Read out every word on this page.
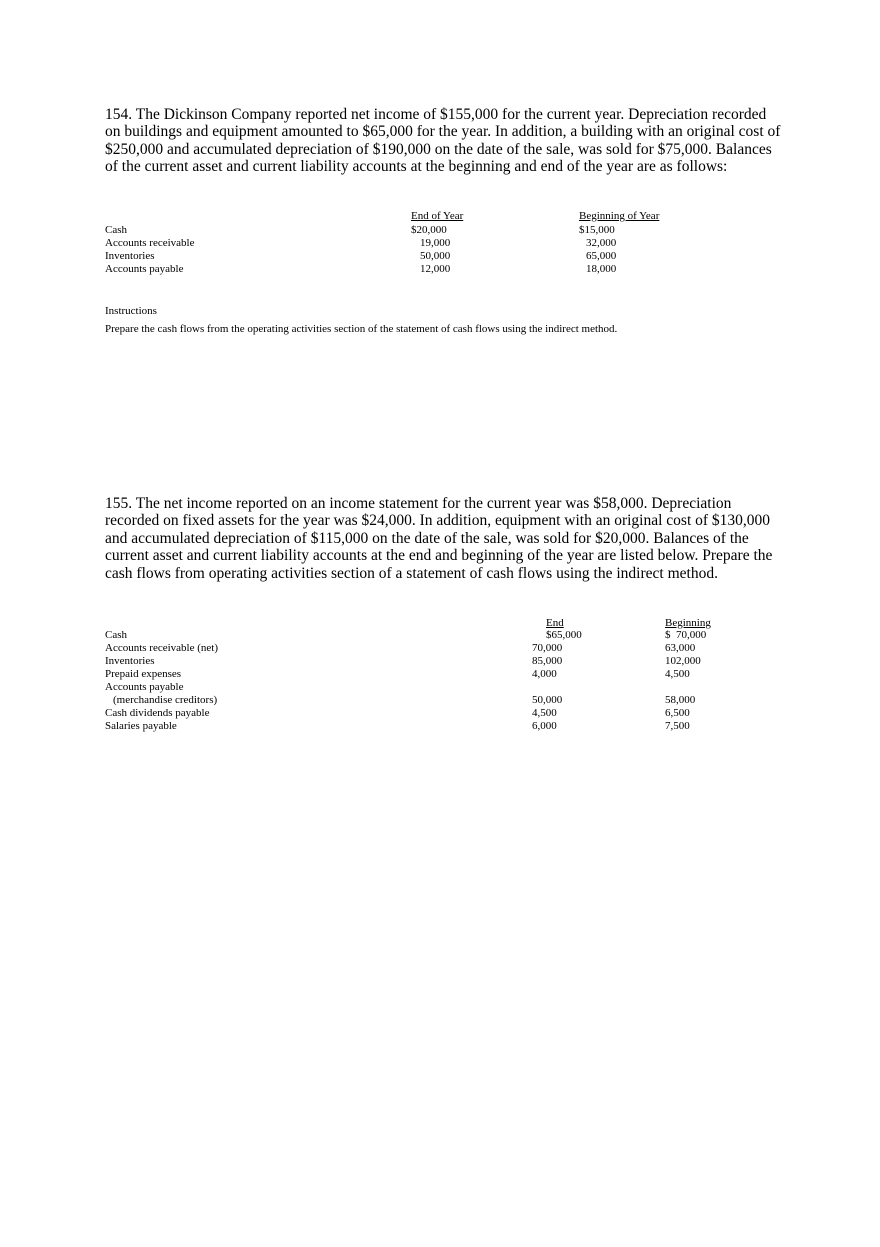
154. The Dickinson Company reported net income of $155,000 for the current year. Depreciation recorded on buildings and equipment amounted to $65,000 for the year. In addition, a building with an original cost of $250,000 and accumulated depreciation of $190,000 on the date of the sale, was sold for $75,000. Balances of the current asset and current liability accounts at the beginning and end of the year are as follows:

End of Year	Beginning of Year
Cash	$20,000	$15,000
Accounts receivable	19,000	32,000
Inventories	50,000	65,000
Accounts payable	12,000	18,000
Instructions
Prepare the cash flows from the operating activities section of the statement of cash flows using the indirect method.

155. The net income reported on an income statement for the current year was $58,000. Depreciation recorded on fixed assets for the year was $24,000. In addition, equipment with an original cost of $130,000 and accumulated depreciation of $115,000 on the date of the sale, was sold for $20,000. Balances of the current asset and current liability accounts at the end and beginning of the year are listed below. Prepare the cash flows from operating activities section of a statement of cash flows using the indirect method.

End	Beginning
Cash	$65,000	$  70,000
Accounts receivable (net)	70,000	63,000
Inventories	85,000	102,000
Prepaid expenses	4,000	4,500
Accounts payable
(merchandise creditors)	50,000	58,000
Cash dividends payable	4,500	6,500
Salaries payable	6,000	7,500
